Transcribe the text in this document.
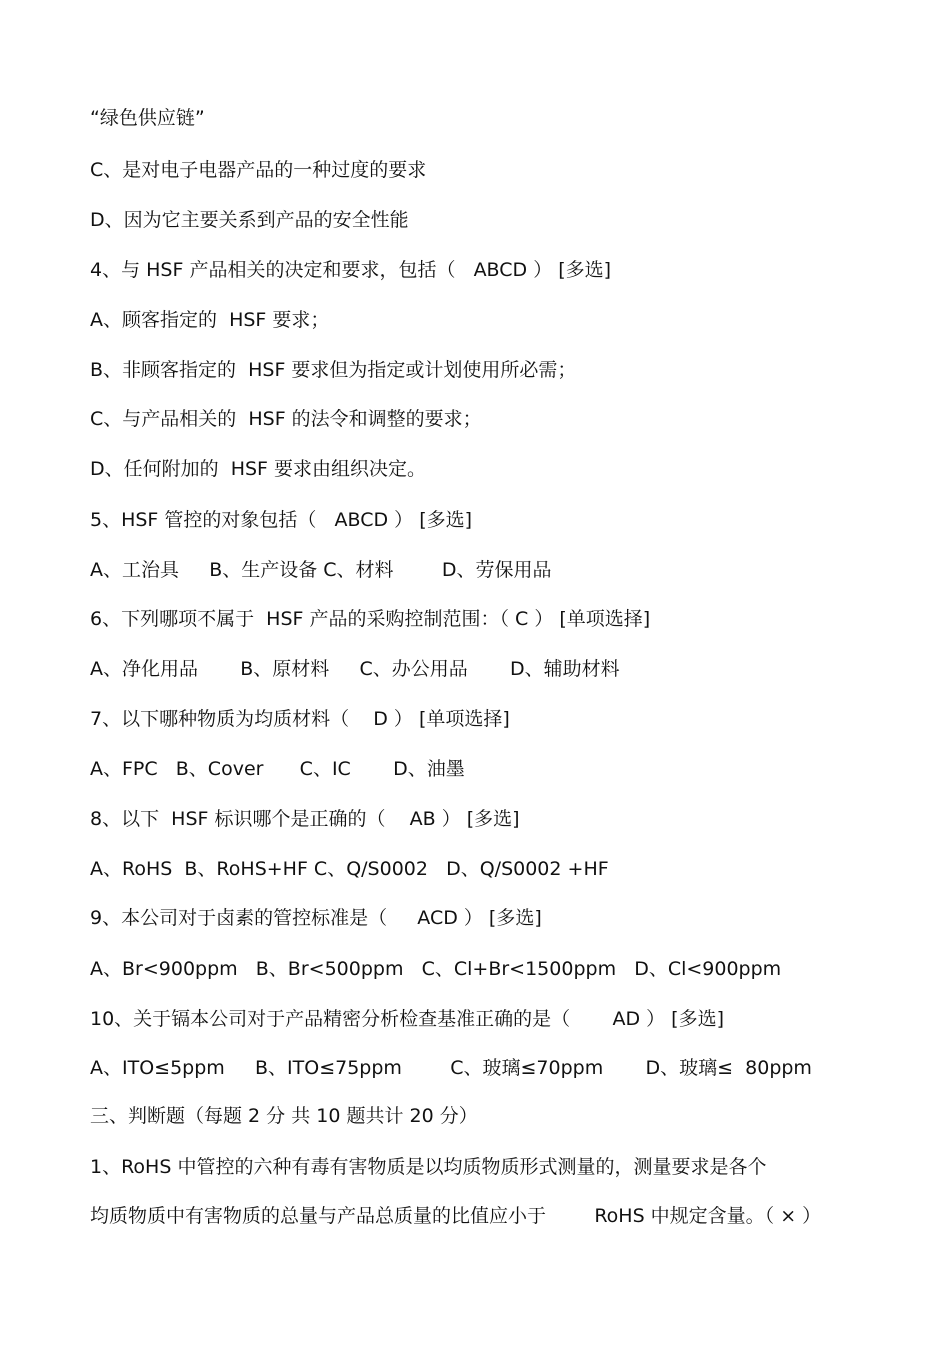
“绿色供应链”
C、是对电子电器产品的一种过度的要求
D、因为它主要关系到产品的安全性能
4、与 HSF 产品相关的决定和要求，包括（   ABCD ） [多选]
A、顾客指定的  HSF 要求；
B、非顾客指定的  HSF 要求但为指定或计划使用所必需；
C、与产品相关的  HSF 的法令和调整的要求；
D、任何附加的  HSF 要求由组织决定。
5、HSF 管控的对象包括（   ABCD ） [多选]
A、工治具     B、生产设备 C、材料        D、劳保用品
6、下列哪项不属于  HSF 产品的采购控制范围：（ C ） [单项选择]
A、净化用品       B、原材料     C、办公用品       D、辅助材料
7、以下哪种物质为均质材料（    D ） [单项选择]
A、FPC   B、Cover      C、IC       D、油墨
8、以下  HSF 标识哪个是正确的（    AB ） [多选]
A、RoHS  B、RoHS+HF C、Q/S0002   D、Q/S0002 +HF
9、本公司对于卤素的管控标准是（     ACD ） [多选]
A、Br<900ppm   B、Br<500ppm   C、Cl+Br<1500ppm   D、Cl<900ppm
10、关于镉本公司对于产品精密分析检查基准正确的是（       AD ） [多选]
A、ITO≤5ppm     B、ITO≤75ppm        C、玻璃≤70ppm       D、玻璃≤  80ppm
三、判断题（每题 2 分 共 10 题共计 20 分）
1、RoHS 中管控的六种有毒有害物质是以均质物质形式测量的，测量要求是各个
均质物质中有害物质的总量与产品总质量的比值应小于        RoHS 中规定含量。（ × ）
